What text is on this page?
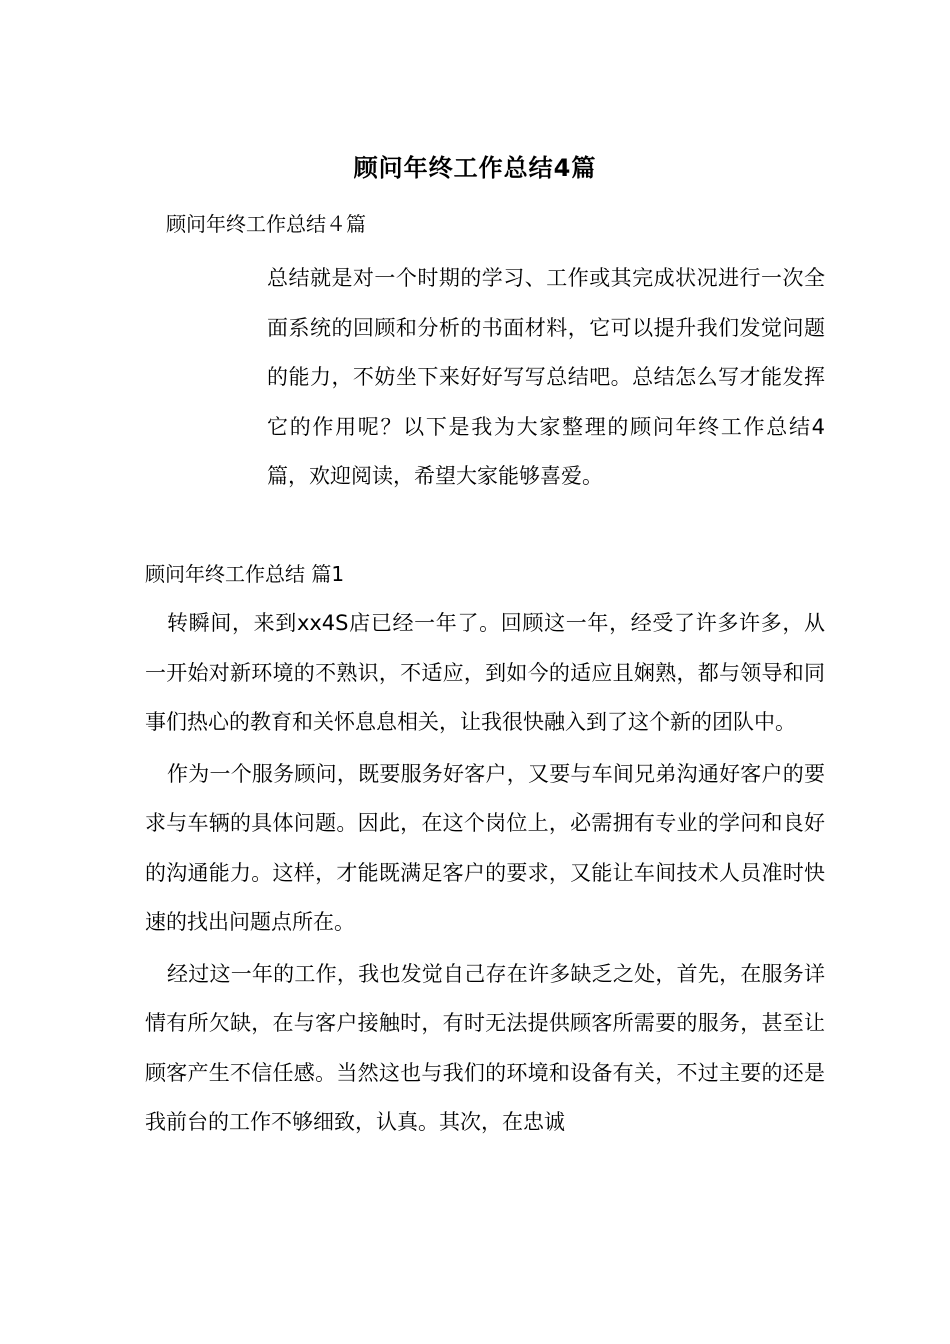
顾问年终工作总结4篇
顾问年终工作总结４篇

总结就是对一个时期的学习、工作或其完成状况进行一次全面系统的回顾和分析的书面材料，它可以提升我们发觉问题的能力，不妨坐下来好好写写总结吧。总结怎么写才能发挥它的作用呢？以下是我为大家整理的顾问年终工作总结4篇，欢迎阅读，希望大家能够喜爱。

顾问年终工作总结 篇1

转瞬间，来到xx4S店已经一年了。回顾这一年，经受了许多许多，从一开始对新环境的不熟识，不适应，到如今的适应且娴熟，都与领导和同事们热心的教育和关怀息息相关，让我很快融入到了这个新的团队中。

作为一个服务顾问，既要服务好客户，又要与车间兄弟沟通好客户的要求与车辆的具体问题。因此，在这个岗位上，必需拥有专业的学问和良好的沟通能力。这样，才能既满足客户的要求，又能让车间技术人员准时快速的找出问题点所在。

经过这一年的工作，我也发觉自己存在许多缺乏之处，首先，在服务详情有所欠缺，在与客户接触时，有时无法提供顾客所需要的服务，甚至让顾客产生不信任感。当然这也与我们的环境和设备有关，不过主要的还是我前台的工作不够细致，认真。其次，在忠诚
